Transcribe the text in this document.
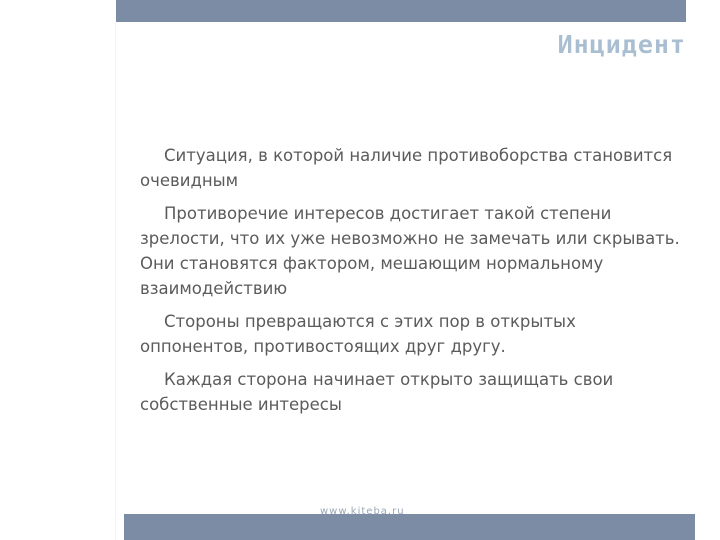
Инцидент

Ситуация, в которой наличие противоборства становится очевидным

Противоречие интересов достигает такой степени зрелости, что их уже невозможно не замечать или скрывать. Они становятся фактором, мешающим нормальному взаимодействию

Стороны превращаются с этих пор в открытых оппонентов, противостоящих друг другу.

Каждая сторона начинает открыто защищать свои собственные интересы

www.kiteba.ru
